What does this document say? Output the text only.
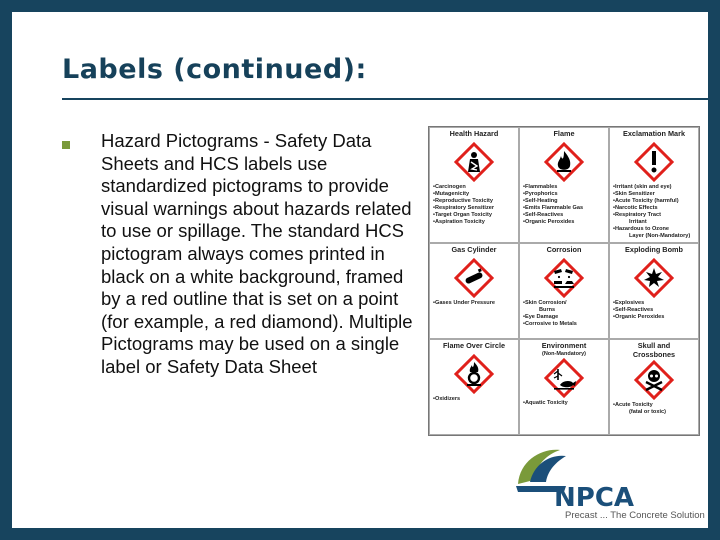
Labels (continued):
Hazard Pictograms - Safety Data Sheets and HCS labels use standardized pictograms to provide visual warnings about hazards related to use or spillage. The standard HCS pictogram always comes printed in black on a white background, framed by a red outline that is set on a point (for example, a red diamond). Multiple Pictograms may be used on a single label or Safety Data Sheet
Health Hazard
• Carcinogen
• Mutagenicity
• Reproductive Toxicity
• Respiratory Sensitizer
• Target Organ Toxicity
• Aspiration Toxicity
Flame
• Flammables
• Pyrophorics
• Self-Heating
• Emits Flammable Gas
• Self-Reactives
• Organic Peroxides
Exclamation Mark
• Irritant (skin and eye)
• Skin Sensitizer
• Acute Toxicity (harmful)
• Narcotic Effects
• Respiratory Tract
Irritant
• Hazardous to Ozone
Layer (Non-Mandatory)
Gas Cylinder
• Gases Under Pressure
Corrosion
• Skin Corrosion/
Burns
• Eye Damage
• Corrosive to Metals
Exploding Bomb
• Explosives
• Self-Reactives
• Organic Peroxides
Flame Over Circle
• Oxidizers
Environment
(Non-Mandatory)
• Aquatic Toxicity
Skull and Crossbones
• Acute Toxicity
(fatal or toxic)
NPCA
Precast ... The Concrete Solution
